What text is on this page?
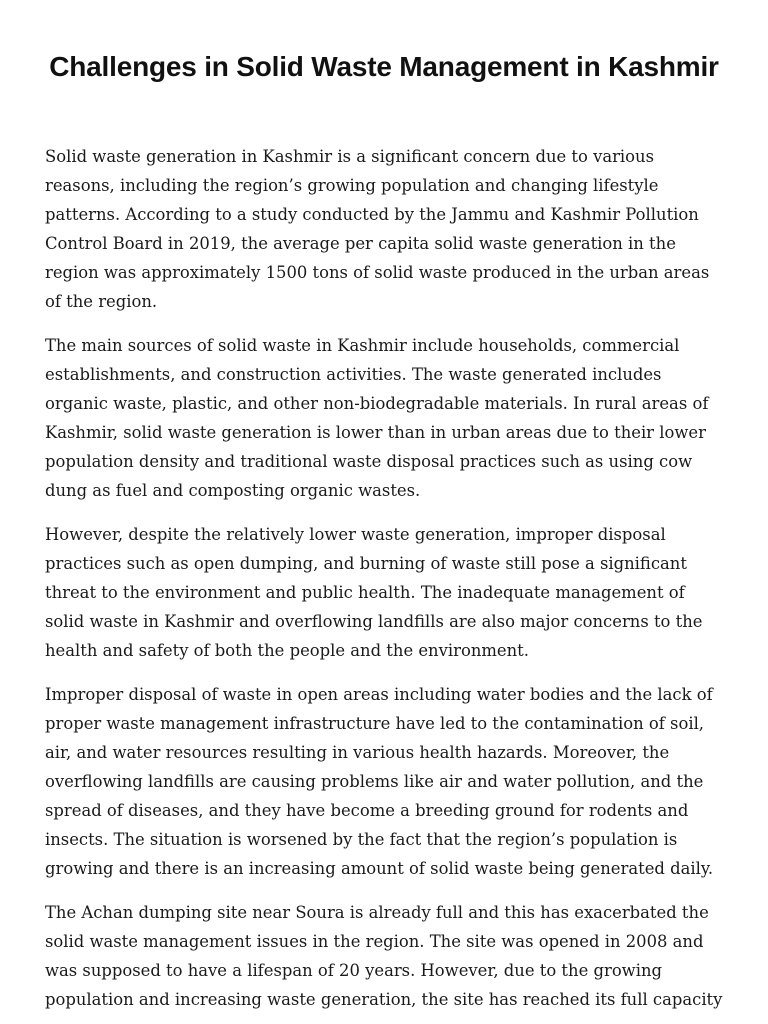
Challenges in Solid Waste Management in Kashmir

Solid waste generation in Kashmir is a significant concern due to various reasons, including the region’s growing population and changing lifestyle patterns. According to a study conducted by the Jammu and Kashmir Pollution Control Board in 2019, the average per capita solid waste generation in the region was approximately 1500 tons of solid waste produced in the urban areas of the region.

The main sources of solid waste in Kashmir include households, commercial establishments, and construction activities. The waste generated includes organic waste, plastic, and other non-biodegradable materials. In rural areas of Kashmir, solid waste generation is lower than in urban areas due to their lower population density and traditional waste disposal practices such as using cow dung as fuel and composting organic wastes.

However, despite the relatively lower waste generation, improper disposal practices such as open dumping, and burning of waste still pose a significant threat to the environment and public health. The inadequate management of solid waste in Kashmir and overflowing landfills are also major concerns to the health and safety of both the people and the environment.

Improper disposal of waste in open areas including water bodies and the lack of proper waste management infrastructure have led to the contamination of soil, air, and water resources resulting in various health hazards. Moreover, the overflowing landfills are causing problems like air and water pollution, and the spread of diseases, and they have become a breeding ground for rodents and insects. The situation is worsened by the fact that the region’s population is growing and there is an increasing amount of solid waste being generated daily.

The Achan dumping site near Soura is already full and this has exacerbated the solid waste management issues in the region. The site was opened in 2008 and was supposed to have a lifespan of 20 years. However, due to the growing population and increasing waste generation, the site has reached its full capacity
